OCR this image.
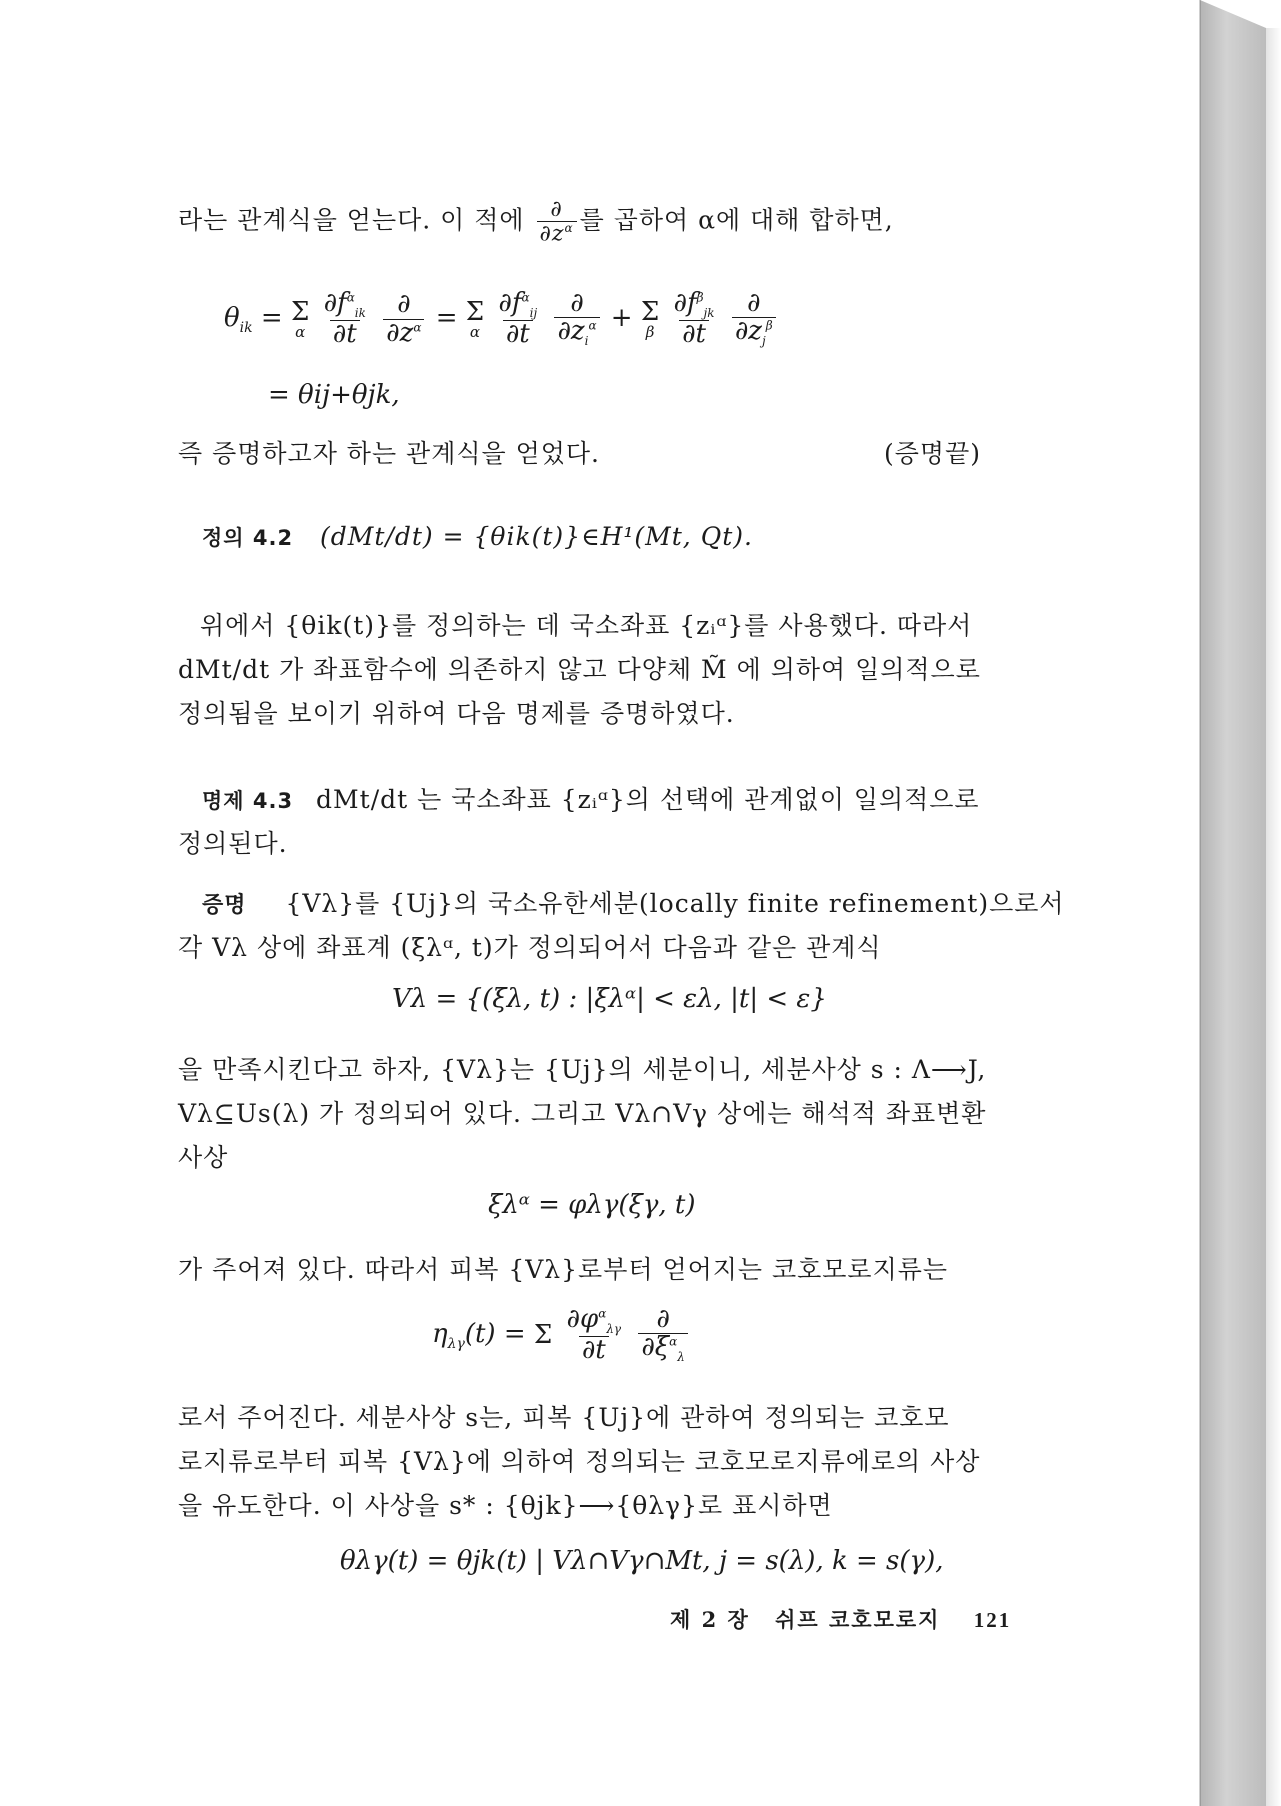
라는 관계식을 얻는다. 이 적에 $\frac{\partial}{\partial z^\alpha}$ 를 곱하여 α에 대해 합하면,
$\theta_{ik} = \Sigma$
α
$\frac{\partial f^\alpha_{ik}}{\partial t}$
$\frac{\partial}{\partial z^\alpha} = \Sigma$
α
$\frac{\partial f^\alpha_{ij}}{\partial t}$
$\frac{\partial}{\partial z_i^\alpha} + \Sigma$
β
$\frac{\partial f^\beta_{jk}}{\partial t}$
$\frac{\partial}{\partial z_j^\beta}$
= θij+θjk,
즉 증명하고자 하는 관계식을 얻었다.	(증명끝)
정의 4.2 (dMt/dt) = {θik(t)}∈H¹(Mt, Qt).
위에서 {θik(t)}를 정의하는 데 국소좌표 {zᵢᵅ}를 사용했다. 따라서
dMt/dt 가 좌표함수에 의존하지 않고 다양체 M̃ 에 의하여 일의적으로
정의됨을 보이기 위하여 다음 명제를 증명하였다.
명제 4.3 dMt/dt 는 국소좌표 {zᵢᵅ}의 선택에 관계없이 일의적으로
정의된다.
증명 {Vλ}를 {Uj}의 국소유한세분(locally finite refinement)으로서
각 Vλ 상에 좌표계 (ξλᵅ, t)가 정의되어서 다음과 같은 관계식
Vλ = {(ξλ, t) : |ξλᵅ| < ελ, |t| < ε}
을 만족시킨다고 하자, {Vλ}는 {Uj}의 세분이니, 세분사상 s : Λ⟶J,
Vλ⊆Us(λ) 가 정의되어 있다. 그리고 Vλ∩Vγ 상에는 해석적 좌표변환
사상
ξλᵅ = φλγ(ξγ, t)
가 주어져 있다. 따라서 피복 {Vλ}로부터 얻어지는 코호모로지류는
$\eta_{\lambda\gamma}(t) = \Sigma$
$\frac{\partial\varphi^\alpha_{\lambda\gamma}}{\partial t}$
$\frac{\partial}{\partial\xi^\alpha_\lambda}$
로서 주어진다. 세분사상 s는, 피복 {Uj}에 관하여 정의되는 코호모
로지류로부터 피복 {Vλ}에 의하여 정의되는 코호모로지류에로의 사상
을 유도한다. 이 사상을 s* : {θjk}⟶{θλγ}로 표시하면
θλγ(t) = θjk(t) | Vλ∩Vγ∩Mt, j = s(λ), k = s(γ),
제 2 장 쉬프 코호모로지 121
